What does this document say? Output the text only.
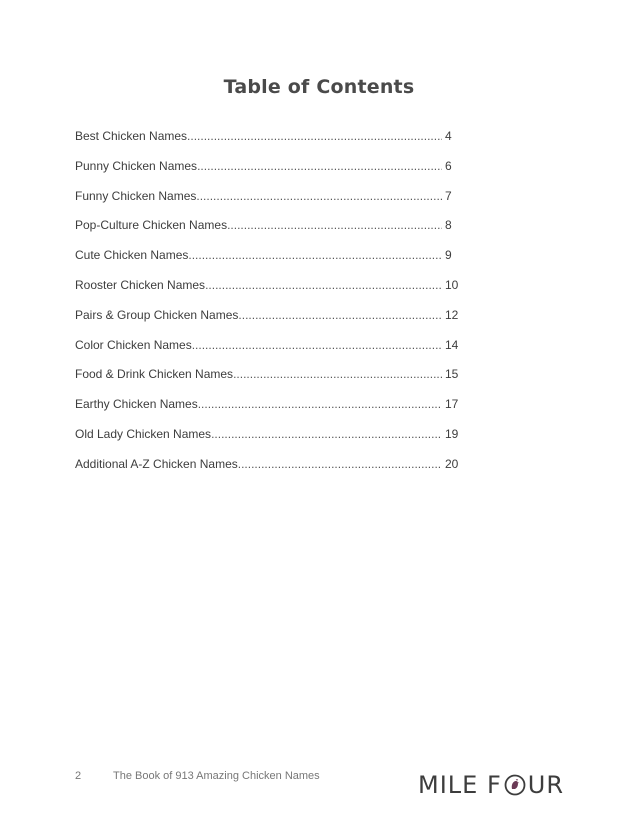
Table of Contents
Best Chicken Names .....	4
Punny Chicken Names .....	6
Funny Chicken Names .....	7
Pop-Culture Chicken Names .....	8
Cute Chicken Names .....	9
Rooster Chicken Names .....	10
Pairs & Group Chicken Names .....	12
Color Chicken Names .....	14
Food & Drink Chicken Names .....	15
Earthy Chicken Names .....	17
Old Lady Chicken Names .....	19
Additional A-Z Chicken Names .....	20
2	The Book of 913 Amazing Chicken Names	MILE F UR
